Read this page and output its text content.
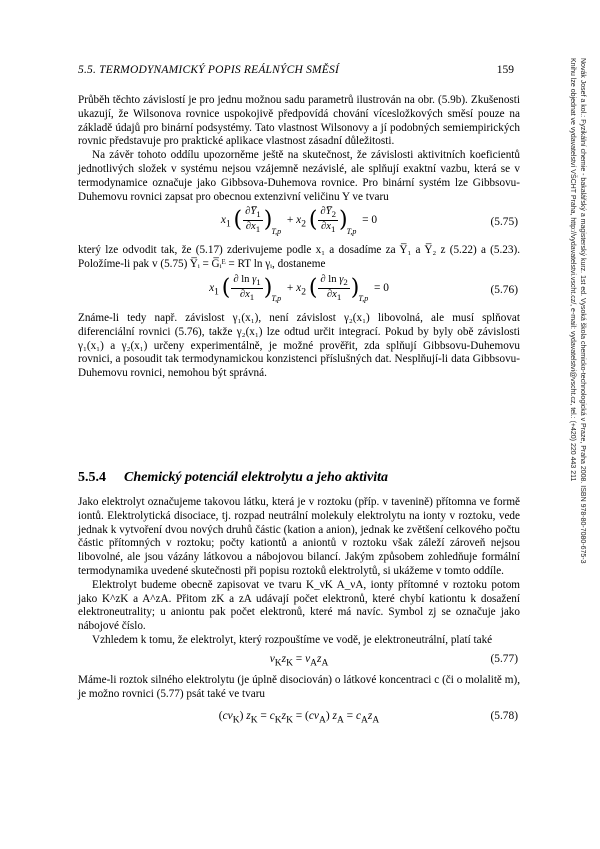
5.5. TERMODYNAMICKÝ POPIS REÁLNÝCH SMĚSÍ	159

Průběh těchto závislostí je pro jednu možnou sadu parametrů ilustrován na obr. (5.9b). Zkušenosti ukazují, že Wilsonova rovnice uspokojivě předpovídá chování vícesložkových směsí pouze na základě údajů pro binární podsystémy. Tato vlastnost Wilsonovy a jí podobných semiempirických rovnic představuje pro praktické aplikace vlastnost zásadní důležitosti.

Na závěr tohoto oddílu upozorněme ještě na skutečnost, že závislosti aktivitních koeficientů jednotlivých složek v systému nejsou vzájemně nezávislé, ale splňují exaktní vazbu, která se v termodynamice označuje jako Gibbsova-Duhemova rovnice. Pro binární systém lze Gibbsovu-Duhemovu rovnici zapsat pro obecnou extenzivní veličinu Y ve tvaru

$x_1$ ( $\frac{\partial Y̅_1}{\partial x_1} )_{T,p} + x_2$ ( $\frac{\partial Y̅_2}{\partial x_1} )_{T,p} = 0$	(5.75)

který lze odvodit tak, že (5.17) zderivujeme podle x₁ a dosadíme za Y̅₁ a Y̅₂ z (5.22) a (5.23). Položíme-li pak v (5.75) Y̅ᵢ = G̅ᵢᴱ = RT ln γᵢ, dostaneme

$x_1$ ( $\frac{\partial \ln \gamma_1}{\partial x_1} )_{T,p} + x_2$ ( $\frac{\partial \ln \gamma_2}{\partial x_1} )_{T,p} = 0$	(5.76)

Známe-li tedy např. závislost γ₁(x₁), není závislost γ₂(x₁) libovolná, ale musí splňovat diferenciální rovnici (5.76), takže γ₂(x₁) lze odtud určit integrací. Pokud by byly obě závislosti γ₁(x₁) a γ₂(x₁) určeny experimentálně, je možné prověřit, zda splňují Gibbsovu-Duhemovu rovnici, a posoudit tak termodynamickou konzistenci příslušných dat. Nesplňují-li data Gibbsovu-Duhemovu rovnici, nemohou být správná.

5.5.4 Chemický potenciál elektrolytu a jeho aktivita

Jako elektrolyt označujeme takovou látku, která je v roztoku (příp. v tavenině) přítomna ve formě iontů. Elektrolytická disociace, tj. rozpad neutrální molekuly elektrolytu na ionty v roztoku, vede jednak k vytvoření dvou nových druhů částic (kation a anion), jednak ke zvětšení celkového počtu částic přítomných v roztoku; počty kationtů a aniontů v roztoku však záleží zároveň nejsou libovolné, ale jsou vázány látkovou a nábojovou bilancí. Jakým způsobem zohledňuje formální termodynamika uvedené skutečnosti při popisu roztoků elektrolytů, si ukážeme v tomto oddíle.

Elektrolyt budeme obecně zapisovat ve tvaru K_νK A_νA, ionty přítomné v roztoku potom jako K^zK a A^zA. Přitom zK a zA udávají počet elektronů, které chybí kationtu k dosažení elektroneutrality; u aniontu pak počet elektronů, které má navíc. Symbol zj se označuje jako nábojové číslo.

Vzhledem k tomu, že elektrolyt, který rozpouštíme ve vodě, je elektroneutrální, platí také

$\nu_Kz_K = \nu_Az_A$	(5.77)

Máme-li roztok silného elektrolytu (je úplně disociován) o látkové koncentraci c (či o molalitě m), je možno rovnici (5.77) psát také ve tvaru

$(c\nu_K) z_K = c_Kz_K = (c\nu_A) z_A = c_Az_A$	(5.78)
Novák Josef a kol.: Fyzikální chemie - bakalářský a magisterský kurz. 1st ed. Vysoká škola chemicko-technologická v Praze, Praha 2008. ISBN 978-80-7080-675-3
Knihu lze objednat ve vydavatelství VŠCHT Praha, http://vydavatelstvi.vscht.cz/, e-mail: vydavatelstvi@vscht.cz, tel.: (+420) 220 443 211
